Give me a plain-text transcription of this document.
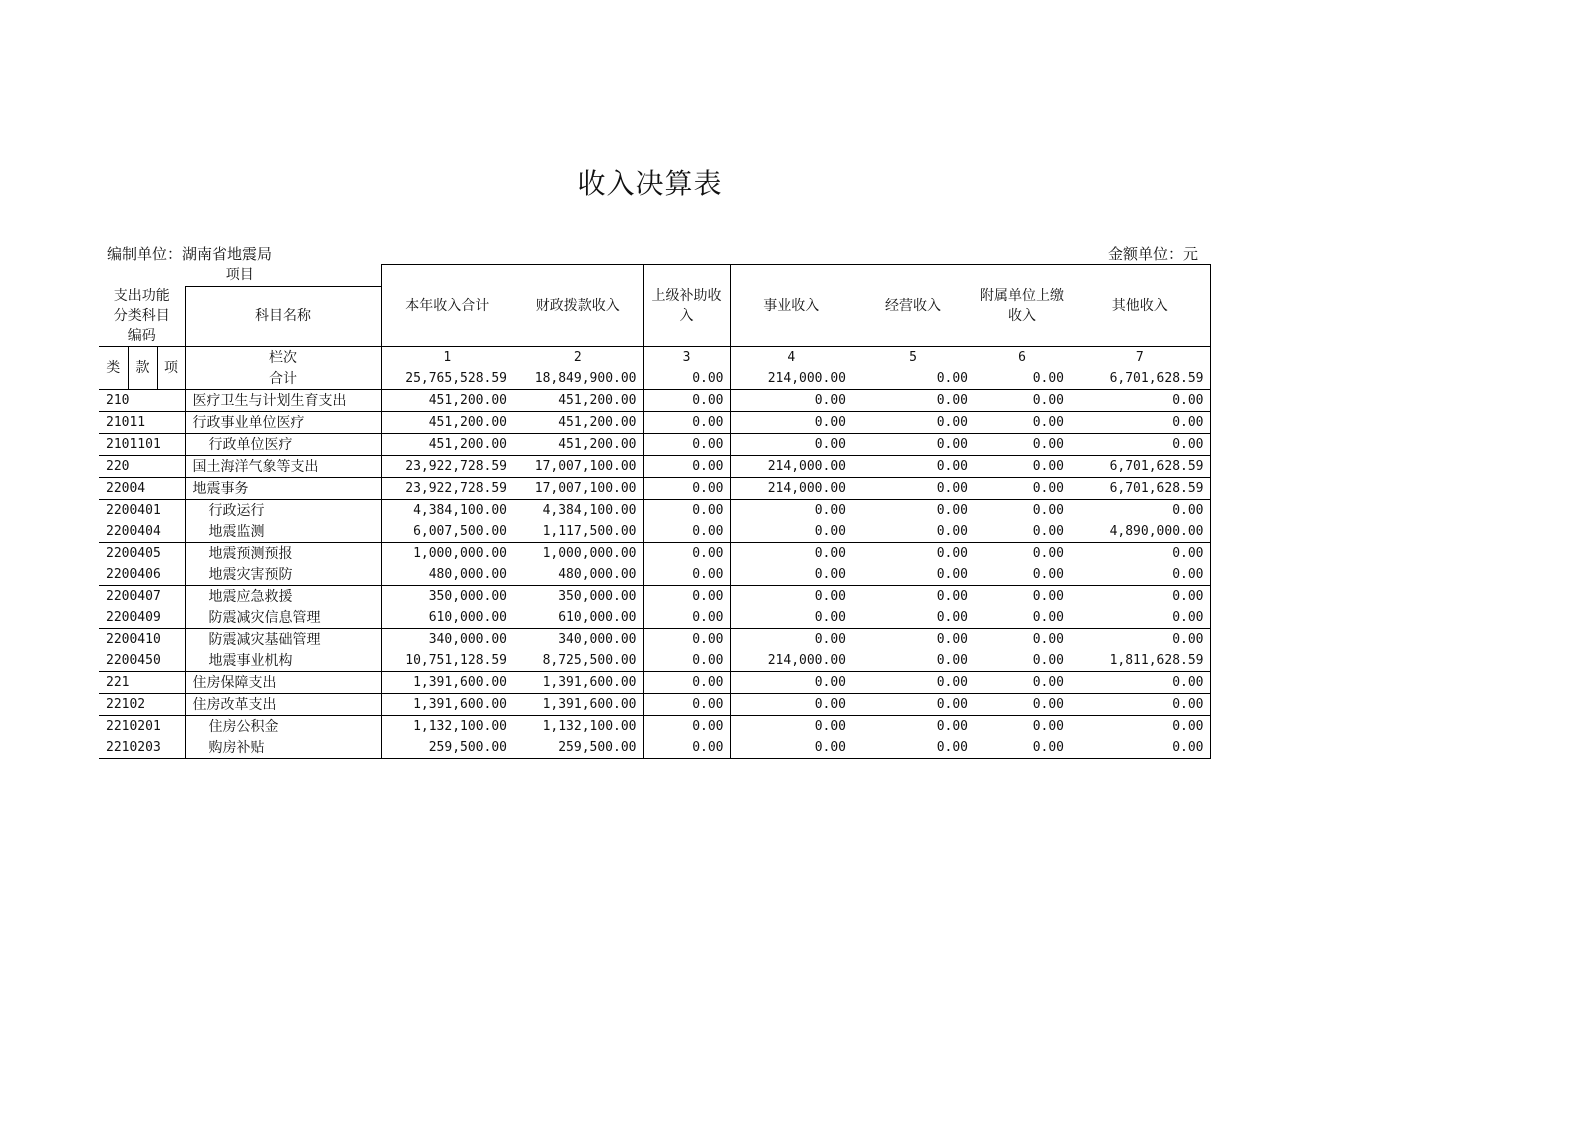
收入决算表
编制单位：湖南省地震局	金额单位：元
项目				本年收入合计	财政拨款收入	上级补助收入	事业收入	经营收入	附属单位上缴收入	其他收入
支出功能分类科目编码			科目名称							

类	款	项	栏次	1	2	3	4	5	6	7
			合计	25,765,528.59	18,849,900.00	0.00	214,000.00	0.00	0.00	6,701,628.59
210			医疗卫生与计划生育支出	451,200.00	451,200.00	0.00	0.00	0.00	0.00	0.00
21011			行政事业单位医疗	451,200.00	451,200.00	0.00	0.00	0.00	0.00	0.00
2101101			行政单位医疗	451,200.00	451,200.00	0.00	0.00	0.00	0.00	0.00
220			国土海洋气象等支出	23,922,728.59	17,007,100.00	0.00	214,000.00	0.00	0.00	6,701,628.59
22004			地震事务	23,922,728.59	17,007,100.00	0.00	214,000.00	0.00	0.00	6,701,628.59
2200401			行政运行	4,384,100.00	4,384,100.00	0.00	0.00	0.00	0.00	0.00
2200404			地震监测	6,007,500.00	1,117,500.00	0.00	0.00	0.00	0.00	4,890,000.00
2200405			地震预测预报	1,000,000.00	1,000,000.00	0.00	0.00	0.00	0.00	0.00
2200406			地震灾害预防	480,000.00	480,000.00	0.00	0.00	0.00	0.00	0.00
2200407			地震应急救援	350,000.00	350,000.00	0.00	0.00	0.00	0.00	0.00
2200409			防震减灾信息管理	610,000.00	610,000.00	0.00	0.00	0.00	0.00	0.00
2200410			防震减灾基础管理	340,000.00	340,000.00	0.00	0.00	0.00	0.00	0.00
2200450			地震事业机构	10,751,128.59	8,725,500.00	0.00	214,000.00	0.00	0.00	1,811,628.59
221			住房保障支出	1,391,600.00	1,391,600.00	0.00	0.00	0.00	0.00	0.00
22102			住房改革支出	1,391,600.00	1,391,600.00	0.00	0.00	0.00	0.00	0.00
2210201			住房公积金	1,132,100.00	1,132,100.00	0.00	0.00	0.00	0.00	0.00
2210203			购房补贴	259,500.00	259,500.00	0.00	0.00	0.00	0.00	0.00
